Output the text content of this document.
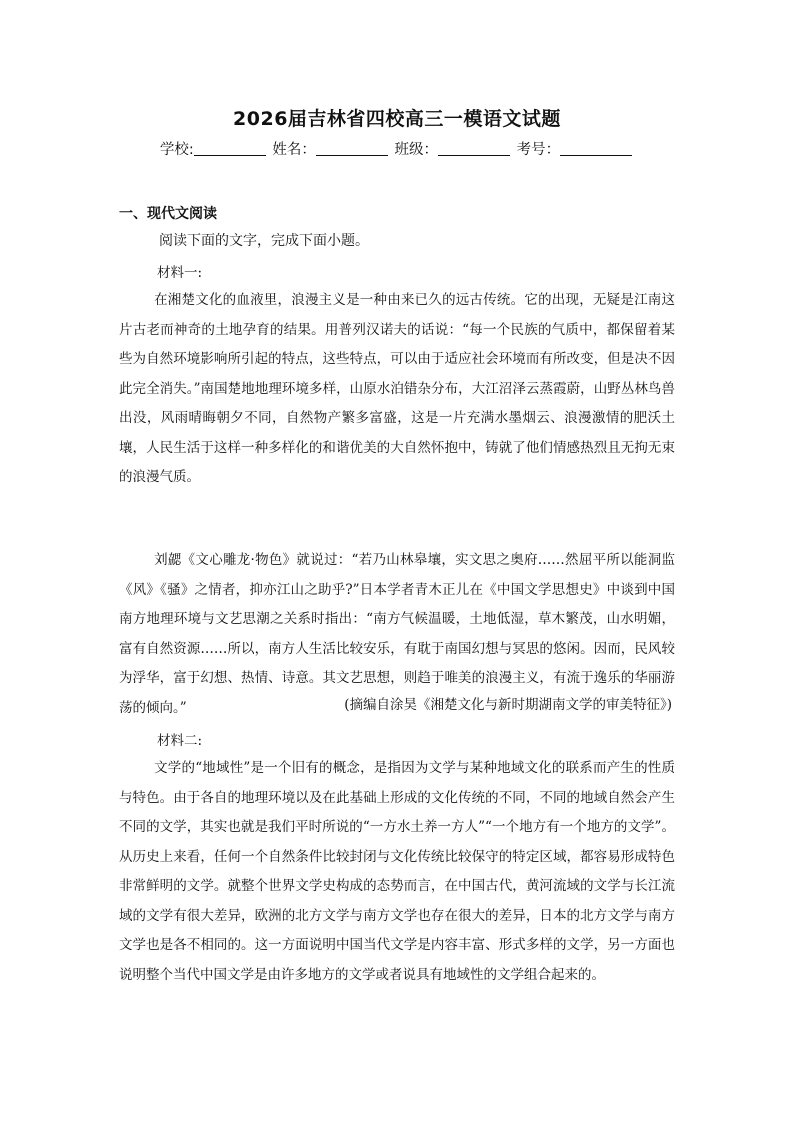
2026届吉林省四校高三一模语文试题
学校:	姓名：	班级：	考号：
一、现代文阅读
阅读下面的文字，完成下面小题。
材料一:
在湘楚文化的血液里，浪漫主义是一种由来已久的远古传统。它的出现，无疑是江南这片古老而神奇的土地孕育的结果。用普列汉诺夫的话说：“每一个民族的气质中，都保留着某些为自然环境影响所引起的特点，这些特点，可以由于适应社会环境而有所改变，但是决不因此完全消失。”南国楚地地理环境多样，山原水泊错杂分布，大江沼泽云蒸霞蔚，山野丛林鸟兽出没，风雨晴晦朝夕不同，自然物产繁多富盛，这是一片充满水墨烟云、浪漫激情的肥沃土壤，人民生活于这样一种多样化的和谐优美的大自然怀抱中，铸就了他们情感热烈且无拘无束的浪漫气质。
刘勰《文心雕龙·物色》就说过：“若乃山林皋壤，实文思之奥府……然屈平所以能洞监《风》《骚》之情者，抑亦江山之助乎?”日本学者青木正儿在《中国文学思想史》中谈到中国南方地理环境与文艺思潮之关系时指出：“南方气候温暖，土地低湿，草木繁茂，山水明媚，富有自然资源……所以，南方人生活比较安乐，有耽于南国幻想与冥思的悠闲。因而，民风较为浮华，富于幻想、热情、诗意。其文艺思想，则趋于唯美的浪漫主义，有流于逸乐的华丽游荡的倾向。”	(摘编自涂昊《湘楚文化与新时期湖南文学的审美特征》)
材料二:
文学的“地域性”是一个旧有的概念，是指因为文学与某种地域文化的联系而产生的性质与特色。由于各自的地理环境以及在此基础上形成的文化传统的不同，不同的地域自然会产生不同的文学，其实也就是我们平时所说的“一方水土养一方人”“一个地方有一个地方的文学”。从历史上来看，任何一个自然条件比较封闭与文化传统比较保守的特定区域，都容易形成特色非常鲜明的文学。就整个世界文学史构成的态势而言，在中国古代，黄河流域的文学与长江流域的文学有很大差异，欧洲的北方文学与南方文学也存在很大的差异，日本的北方文学与南方文学也是各不相同的。这一方面说明中国当代文学是内容丰富、形式多样的文学，另一方面也说明整个当代中国文学是由许多地方的文学或者说具有地域性的文学组合起来的。
